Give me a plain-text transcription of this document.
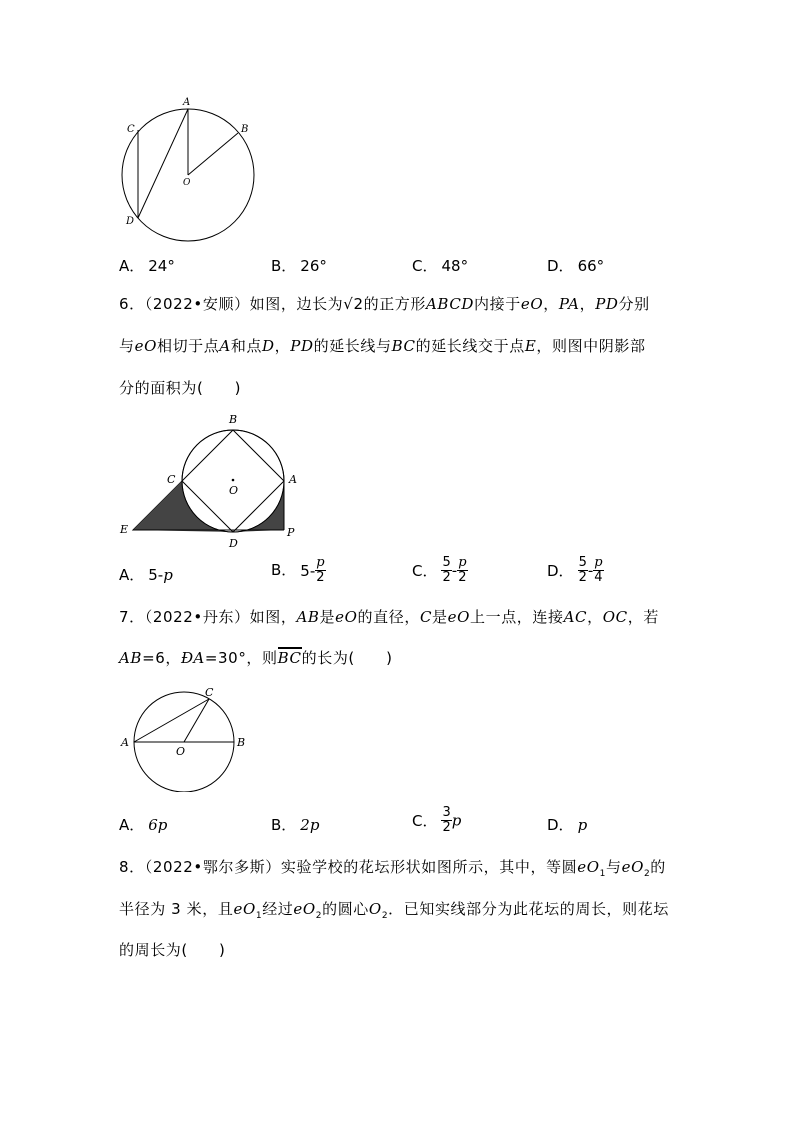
A
B
C
D
O
A． 24°	B． 26°	C． 48°	D． 66°
6．（2022•安顺）如图，边长为√2的正方形ABCD内接于eO，PA，PD分别
与eO相切于点A和点D，PD的延长线与BC的延长线交于点E，则图中阴影部
分的面积为(　　)
B
C	A
O
E
D
P
A． 5-p	B． $5- \frac{p}{2}$	C． $\frac{5}{2} - \frac{p}{2}$	D． $\frac{5}{2} - \frac{p}{4}$
7．（2022•丹东）如图，AB是eO的直径，C是eO上一点，连接AC，OC，若
AB=6，ÐA=30°，则BC的长为(　　)
A	B
C
O
A． 6p	B． 2p	C． $\frac{3}{2}$ p	D． p
8．（2022•鄂尔多斯）实验学校的花坛形状如图所示，其中，等圆$eO_1$与$eO_2$的
半径为 3 米，且$eO_1$经过$eO_2$的圆心$O_2$．已知实线部分为此花坛的周长，则花坛
的周长为(　　)
